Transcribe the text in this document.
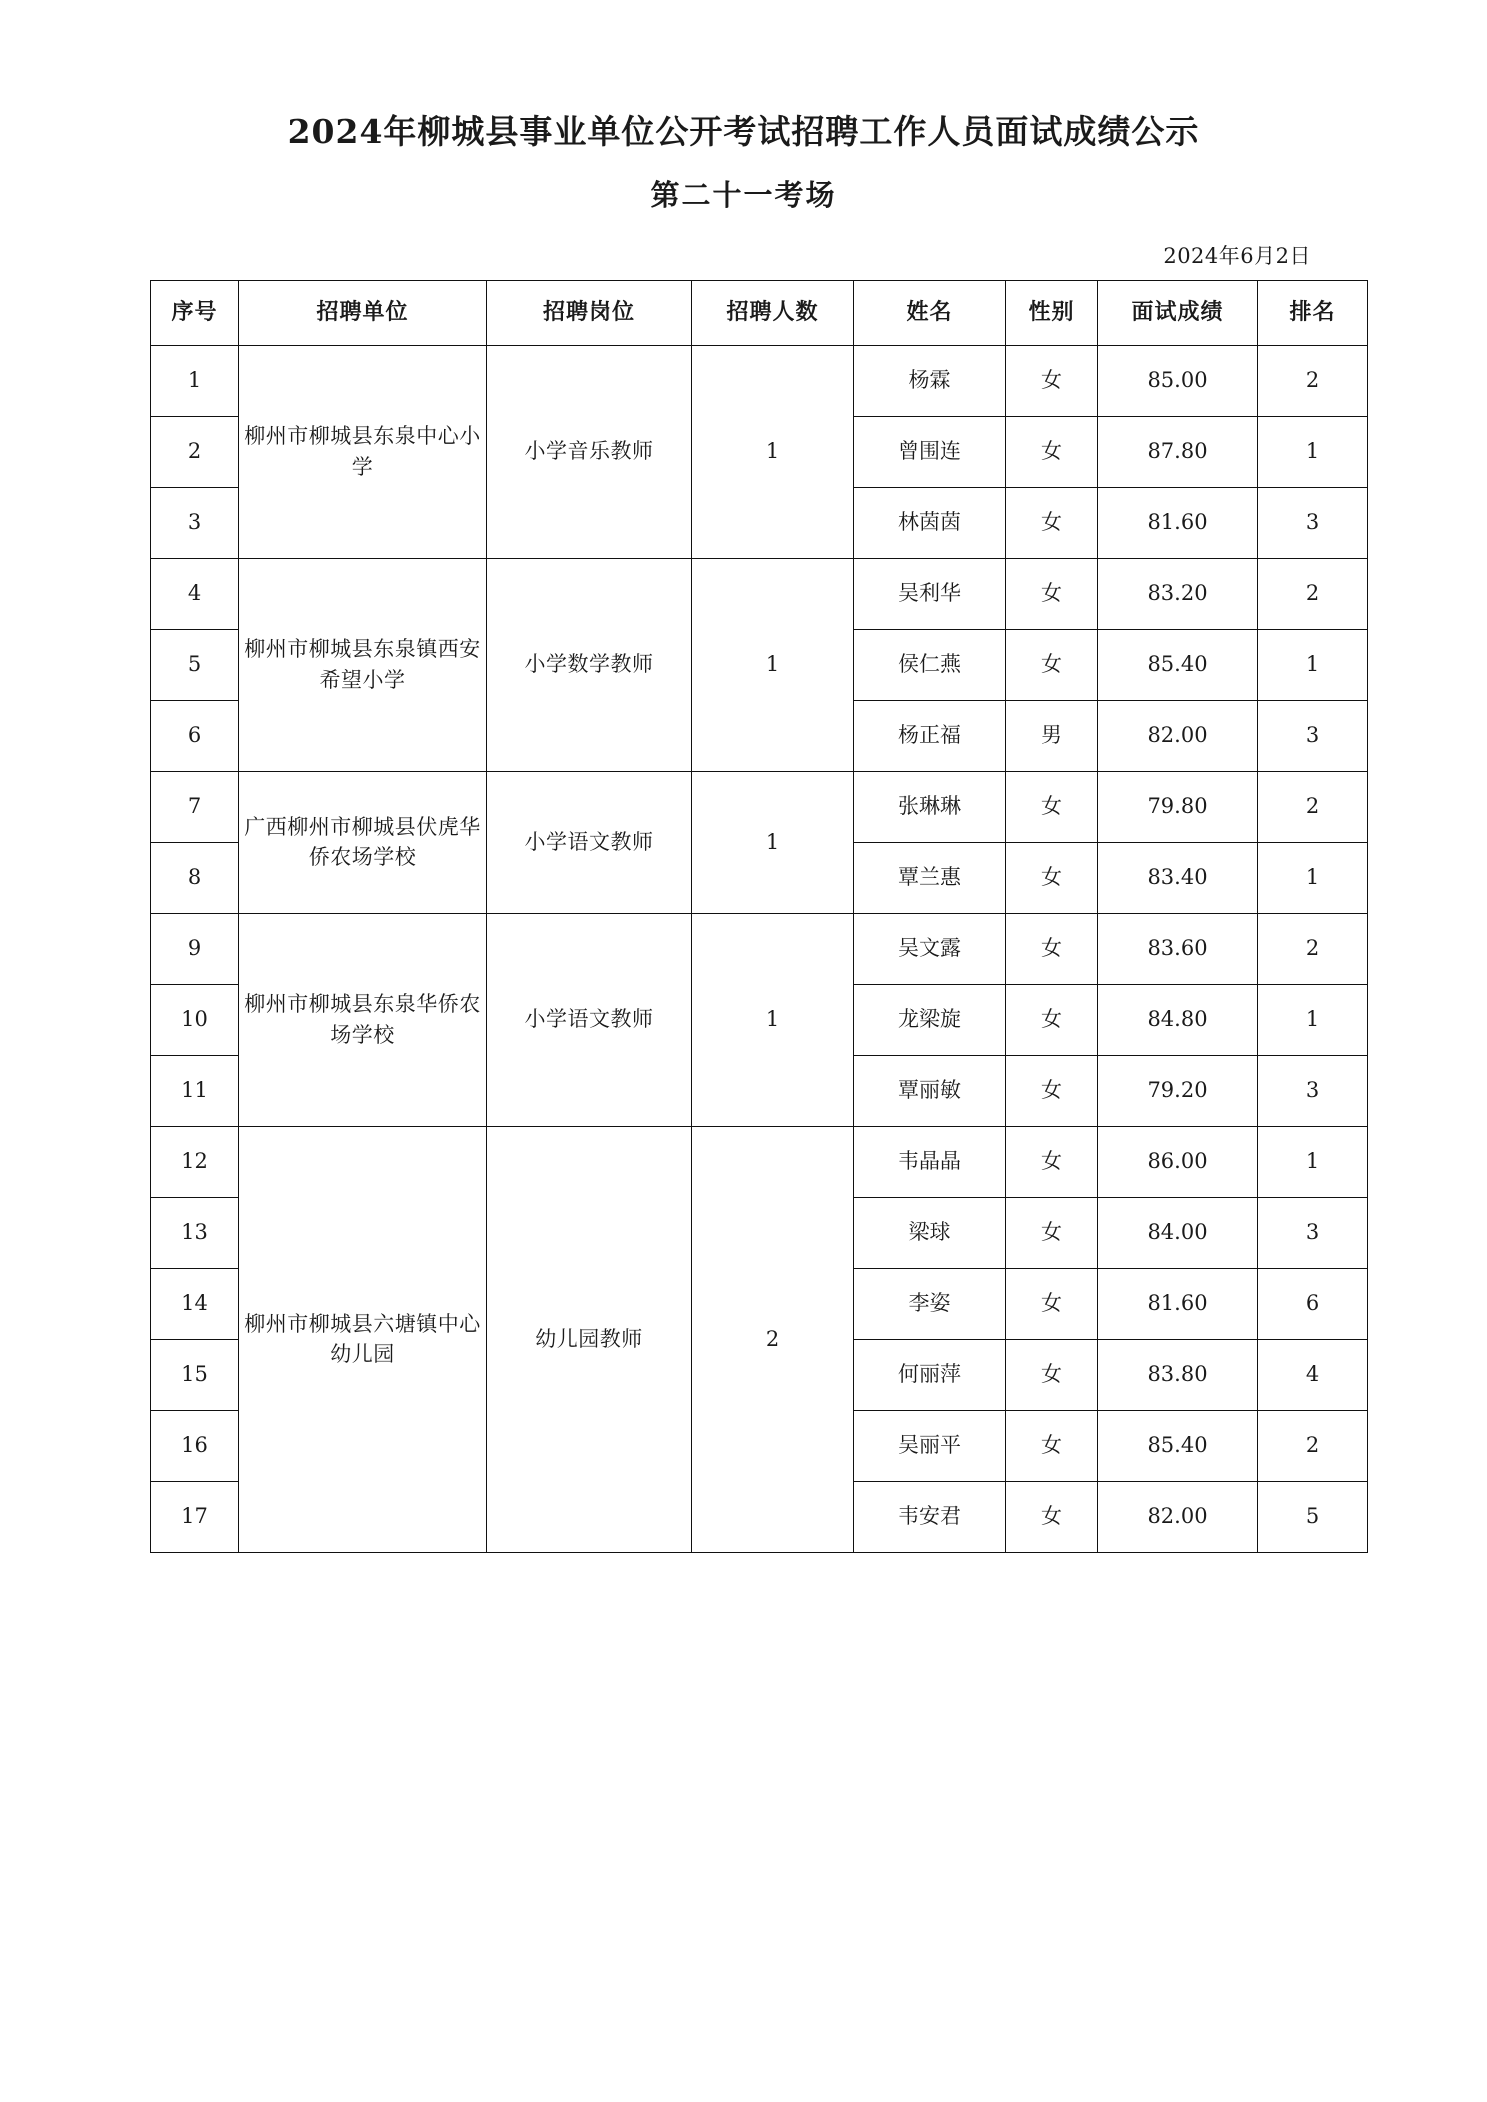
2024年柳城县事业单位公开考试招聘工作人员面试成绩公示
第二十一考场
2024年6月2日
序号	招聘单位	招聘岗位	招聘人数	姓名	性别	面试成绩	排名
1	柳州市柳城县东泉中心小学	小学音乐教师	1	杨霖	女	85.00	2
2				曾围连	女	87.80	1
3				林茵茵	女	81.60	3
4	柳州市柳城县东泉镇西安希望小学	小学数学教师	1	吴利华	女	83.20	2
5				侯仁燕	女	85.40	1
6				杨正福	男	82.00	3
7	广西柳州市柳城县伏虎华侨农场学校	小学语文教师	1	张琳琳	女	79.80	2
8				覃兰惠	女	83.40	1
9	柳州市柳城县东泉华侨农场学校	小学语文教师	1	吴文露	女	83.60	2
10				龙梁旋	女	84.80	1
11				覃丽敏	女	79.20	3
12	柳州市柳城县六塘镇中心幼儿园	幼儿园教师	2	韦晶晶	女	86.00	1
13				梁球	女	84.00	3
14				李姿	女	81.60	6
15				何丽萍	女	83.80	4
16				吴丽平	女	85.40	2
17				韦安君	女	82.00	5
